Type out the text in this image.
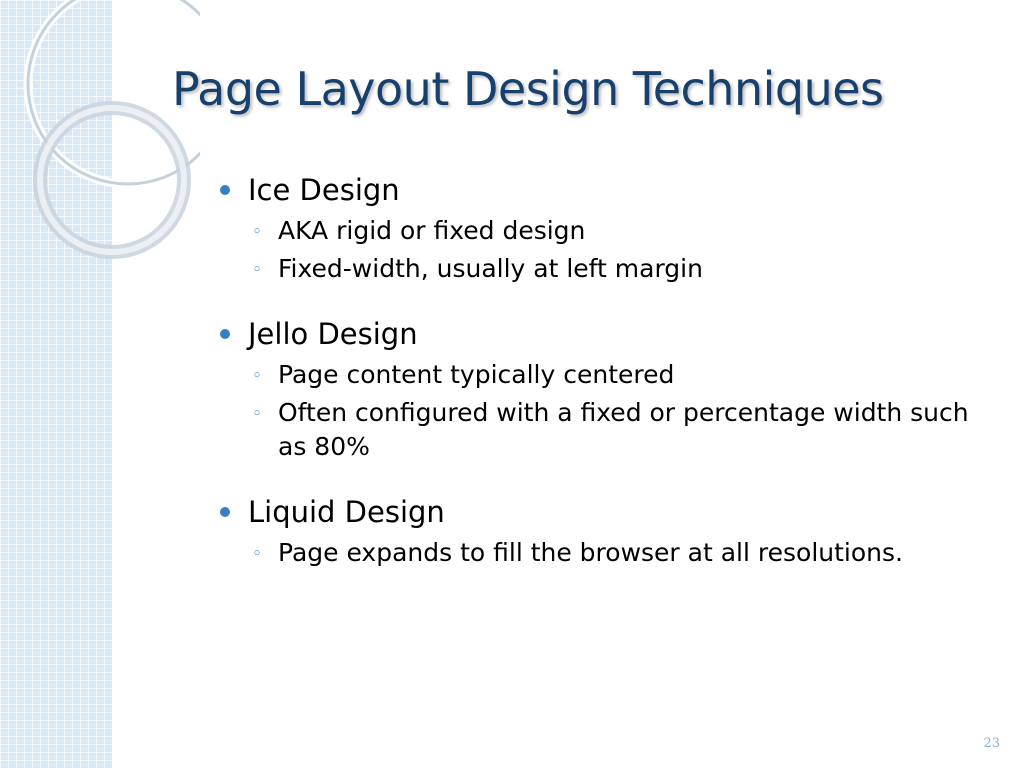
Page Layout Design Techniques
Ice Design
◦ AKA rigid or fixed design
◦ Fixed-width, usually at left margin
Jello Design
◦ Page content typically centered
◦ Often configured with a fixed or percentage width such as 80%
Liquid Design
◦ Page expands to fill the browser at all resolutions.
23
